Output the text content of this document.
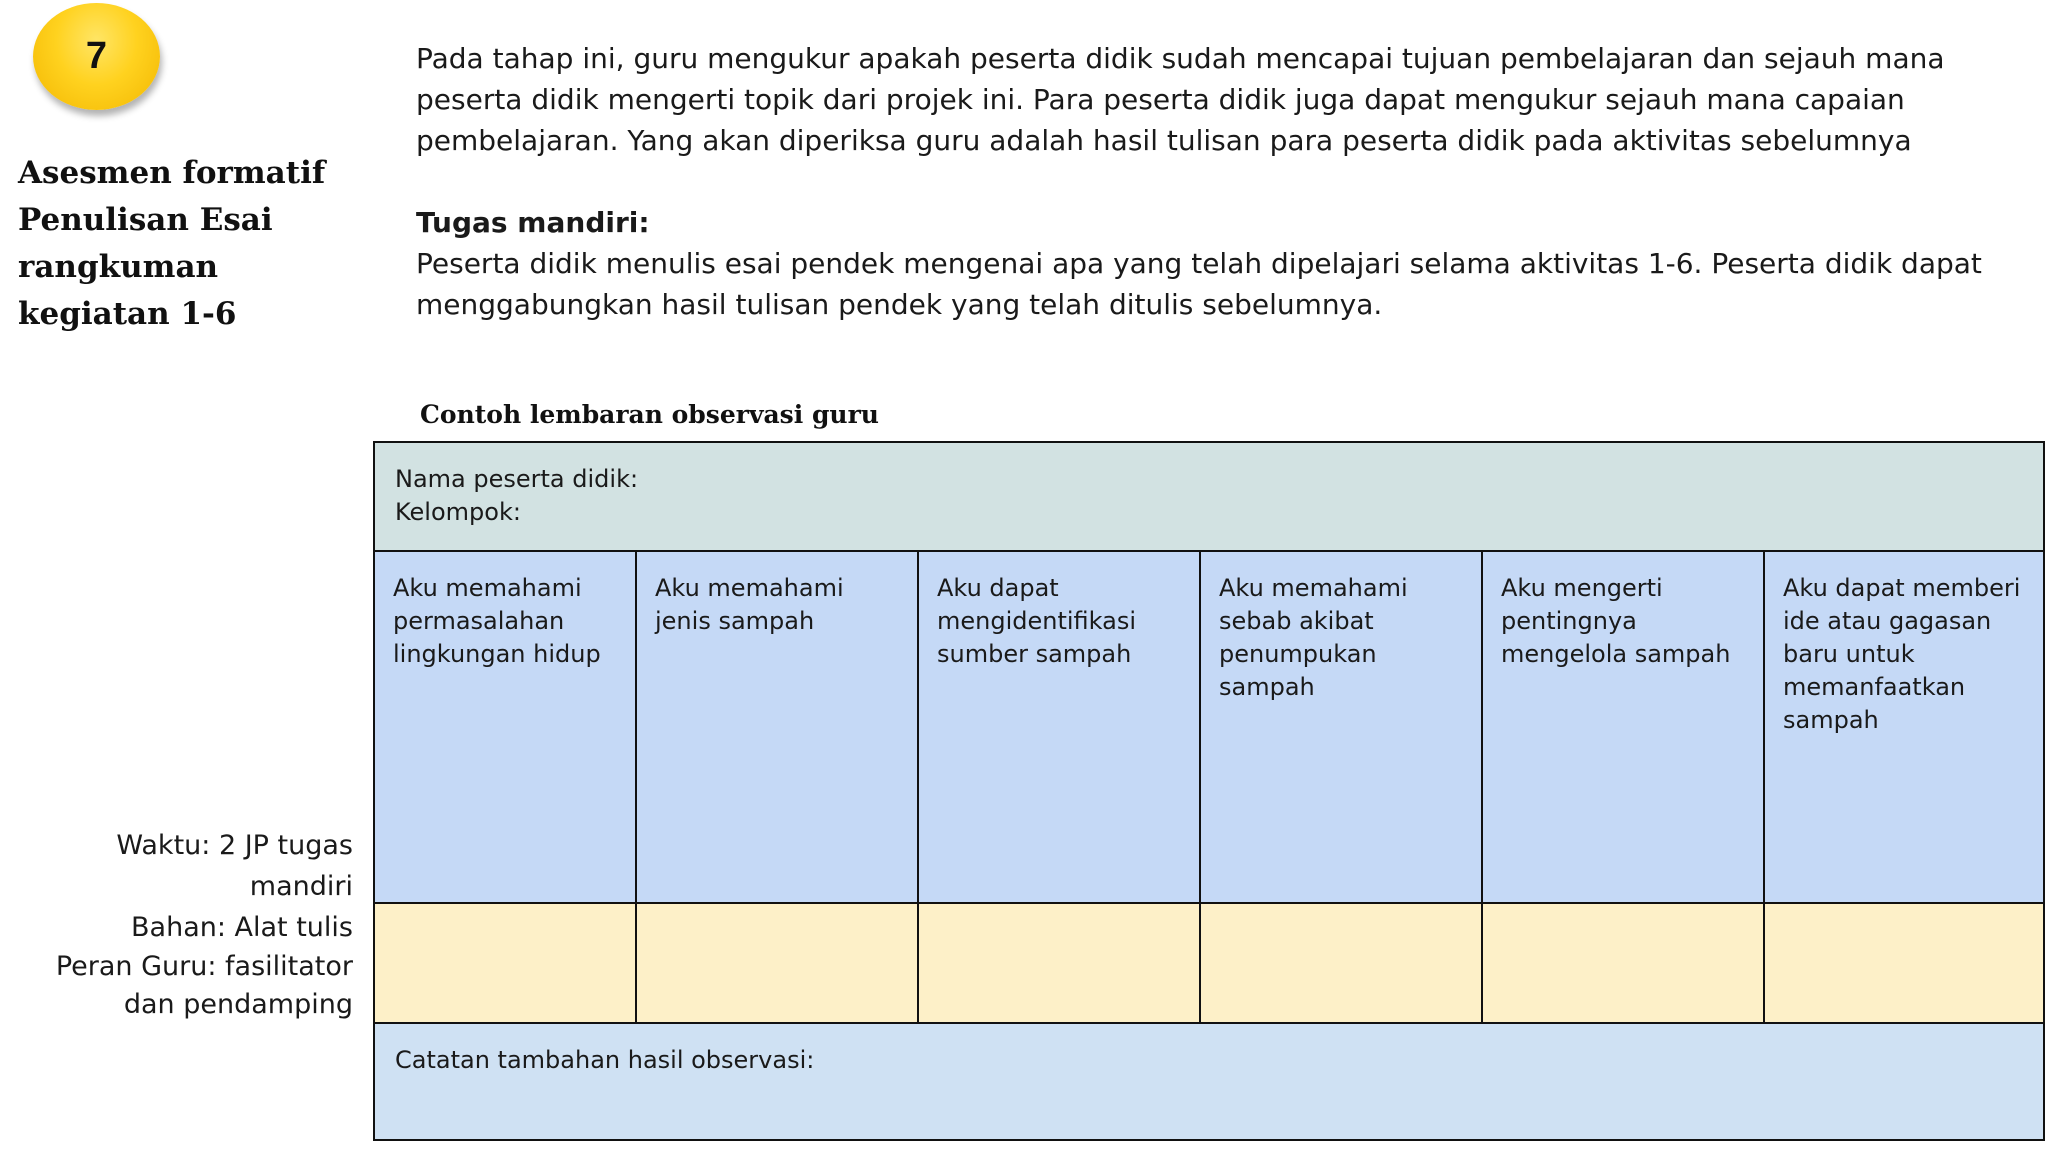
7
Asesmen formatif
Penulisan Esai
rangkuman
kegiatan 1-6

Pada tahap ini, guru mengukur apakah peserta didik sudah mencapai tujuan pembelajaran dan sejauh mana peserta didik mengerti topik dari projek ini. Para peserta didik juga dapat mengukur sejauh mana capaian pembelajaran. Yang akan diperiksa guru adalah hasil tulisan para peserta didik pada aktivitas sebelumnya

Tugas mandiri:

Peserta didik menulis esai pendek mengenai apa yang telah dipelajari selama aktivitas 1-6. Peserta didik dapat menggabungkan hasil tulisan pendek yang telah ditulis sebelumnya.

Contoh lembaran observasi guru

Waktu: 2 JP tugas
mandiri
Bahan: Alat tulis
Peran Guru: fasilitator
dan pendamping
Nama peserta didik:
Kelompok:
Aku memahami permasalahan lingkungan hidup
Aku memahami jenis sampah
Aku dapat mengidentifikasi sumber sampah
Aku memahami sebab akibat penumpukan sampah
Aku mengerti pentingnya mengelola sampah
Aku dapat memberi ide atau gagasan baru untuk memanfaatkan sampah
Catatan tambahan hasil observasi:
